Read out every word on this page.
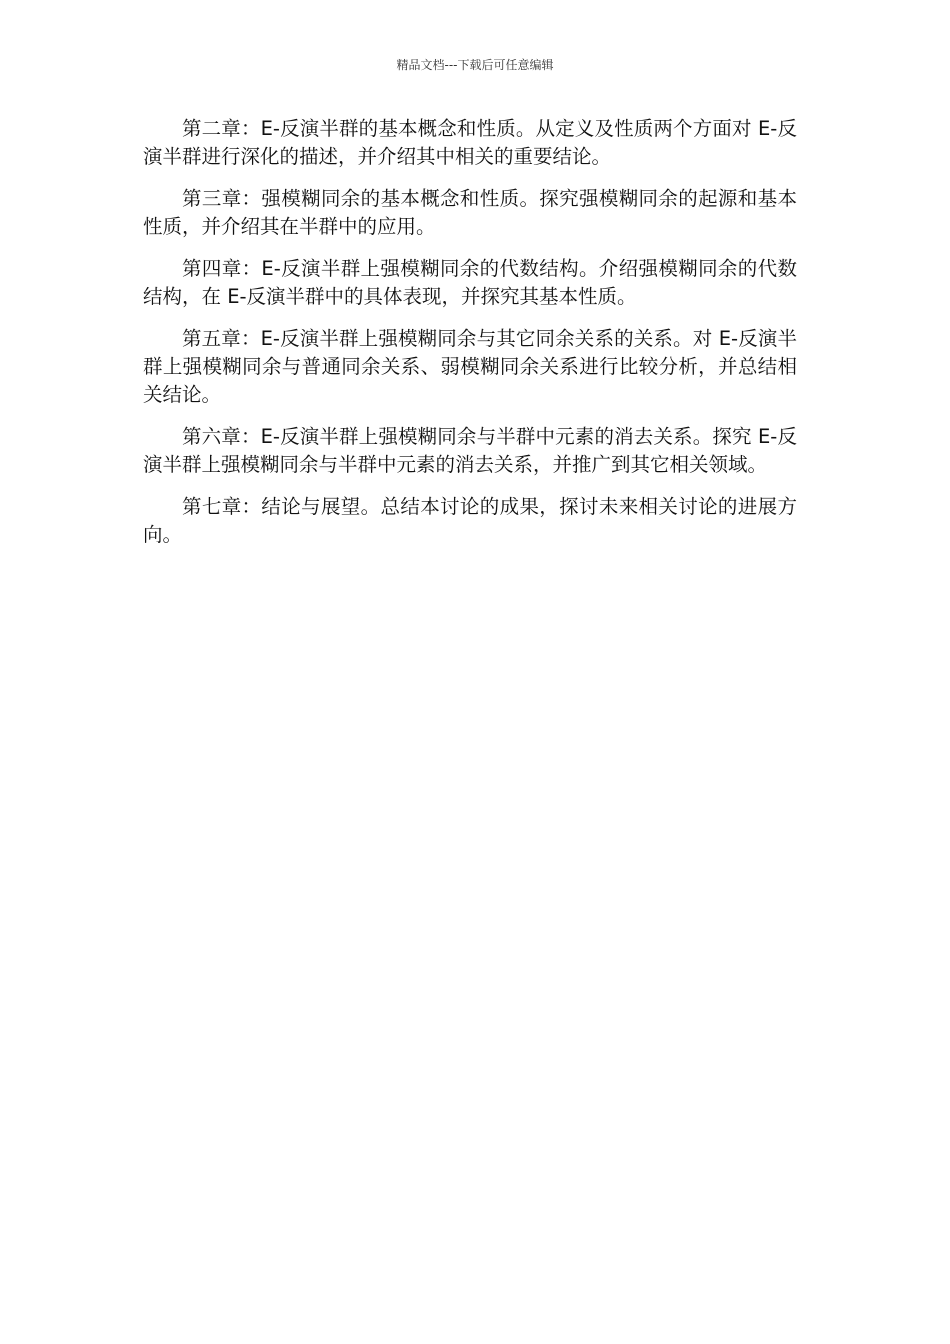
精品文档---下载后可任意编辑

第二章：E-反演半群的基本概念和性质。从定义及性质两个方面对 E-反演半群进行深化的描述，并介绍其中相关的重要结论。

第三章：强模糊同余的基本概念和性质。探究强模糊同余的起源和基本性质，并介绍其在半群中的应用。

第四章：E-反演半群上强模糊同余的代数结构。介绍强模糊同余的代数结构，在 E-反演半群中的具体表现，并探究其基本性质。

第五章：E-反演半群上强模糊同余与其它同余关系的关系。对 E-反演半群上强模糊同余与普通同余关系、弱模糊同余关系进行比较分析，并总结相关结论。

第六章：E-反演半群上强模糊同余与半群中元素的消去关系。探究 E-反演半群上强模糊同余与半群中元素的消去关系，并推广到其它相关领域。

第七章：结论与展望。总结本讨论的成果，探讨未来相关讨论的进展方向。
